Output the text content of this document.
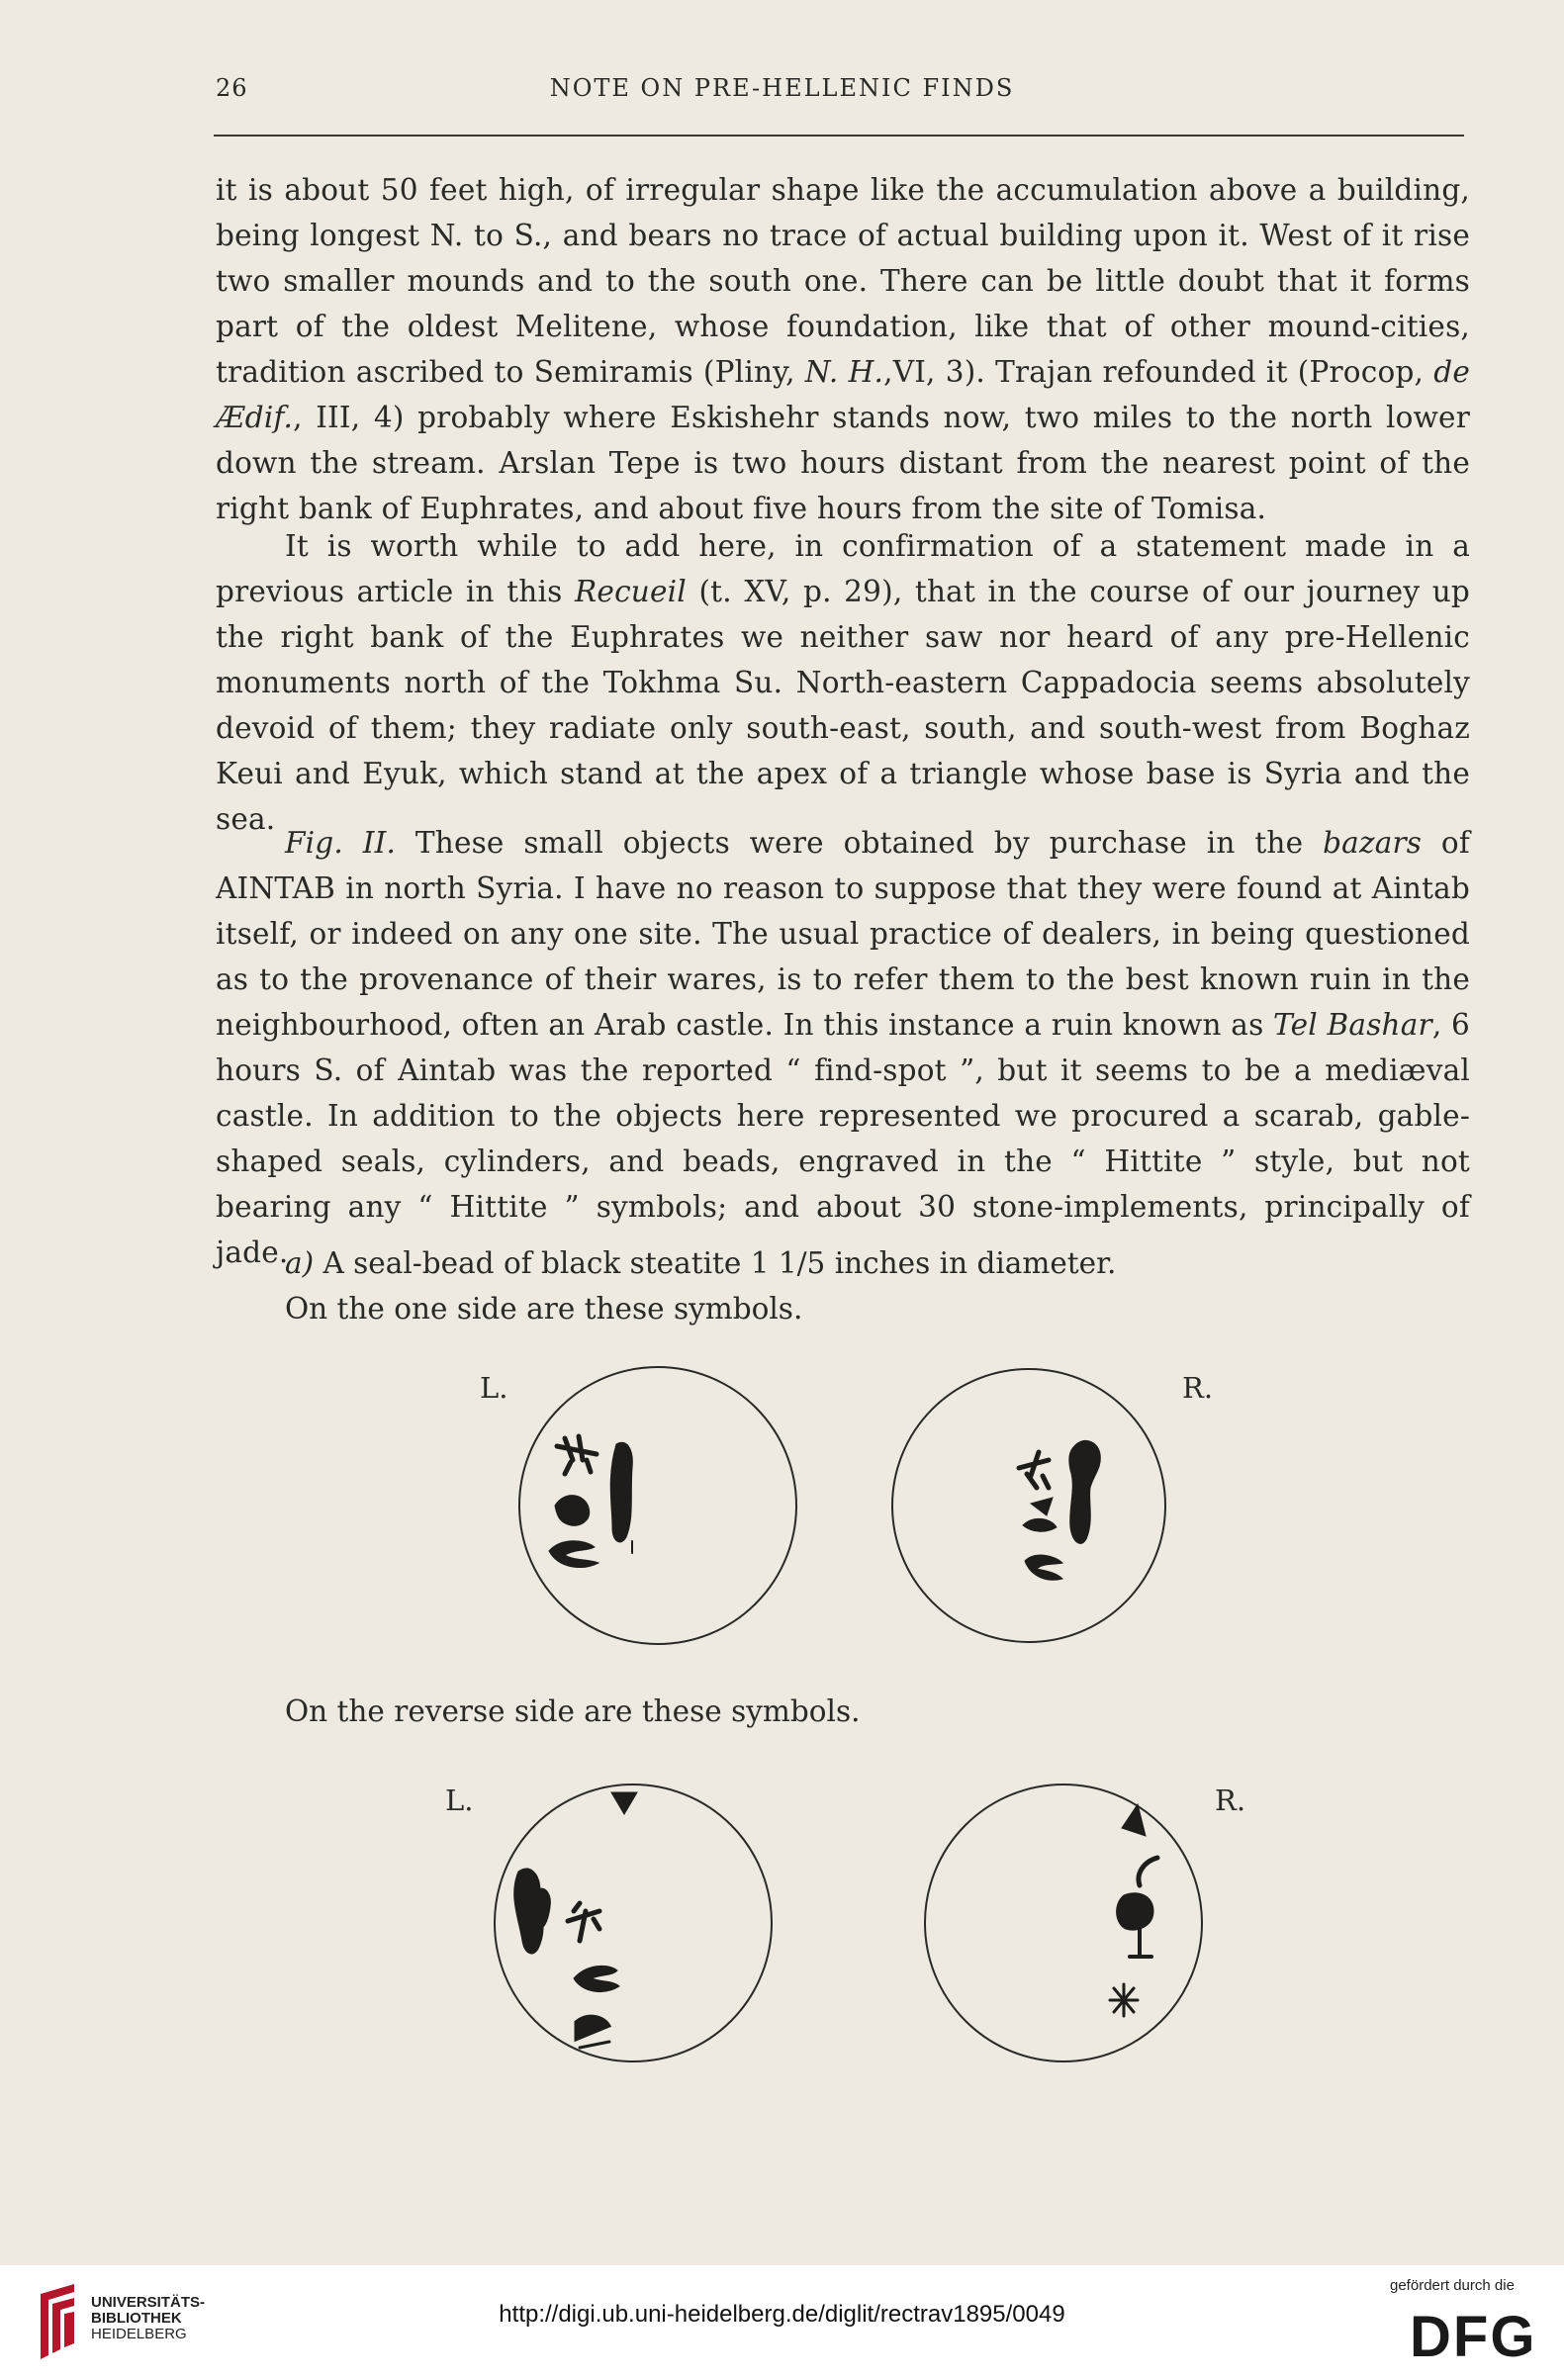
26	NOTE ON PRE-HELLENIC FINDS

it is about 50 feet high, of irregular shape like the accumulation above a building, being longest N. to S., and bears no trace of actual building upon it. West of it rise two smaller mounds and to the south one. There can be little doubt that it forms part of the oldest Melitene, whose foundation, like that of other mound-cities, tradition ascribed to Semiramis (Pliny, N. H.,VI, 3). Trajan refounded it (Procop, de Ædif., III, 4) probably where Eskishehr stands now, two miles to the north lower down the stream. Arslan Tepe is two hours distant from the nearest point of the right bank of Euphrates, and about five hours from the site of Tomisa.

It is worth while to add here, in confirmation of a statement made in a previous article in this Recueil (t. XV, p. 29), that in the course of our journey up the right bank of the Euphrates we neither saw nor heard of any pre-Hellenic monuments north of the Tokhma Su. North-eastern Cappadocia seems absolutely devoid of them; they radiate only south-east, south, and south-west from Boghaz Keui and Eyuk, which stand at the apex of a triangle whose base is Syria and the sea.

Fig. II. These small objects were obtained by purchase in the bazars of AINTAB in north Syria. I have no reason to suppose that they were found at Aintab itself, or indeed on any one site. The usual practice of dealers, in being questioned as to the provenance of their wares, is to refer them to the best known ruin in the neighbourhood, often an Arab castle. In this instance a ruin known as Tel Bashar, 6 hours S. of Aintab was the reported “ find-spot ”, but it seems to be a mediæval castle. In addition to the objects here represented we procured a scarab, gable-shaped seals, cylinders, and beads, engraved in the “ Hittite ” style, but not bearing any “ Hittite ” symbols; and about 30 stone-implements, principally of jade.

a) A seal-bead of black steatite 1 1/5 inches in diameter.

On the one side are these symbols.

L.	R.

On the reverse side are these symbols.

L.	R.
UNIVERSITÄTS-
BIBLIOTHEK
HEIDELBERG
http://digi.ub.uni-heidelberg.de/diglit/rectrav1895/0049
gefördert durch die
DFG
